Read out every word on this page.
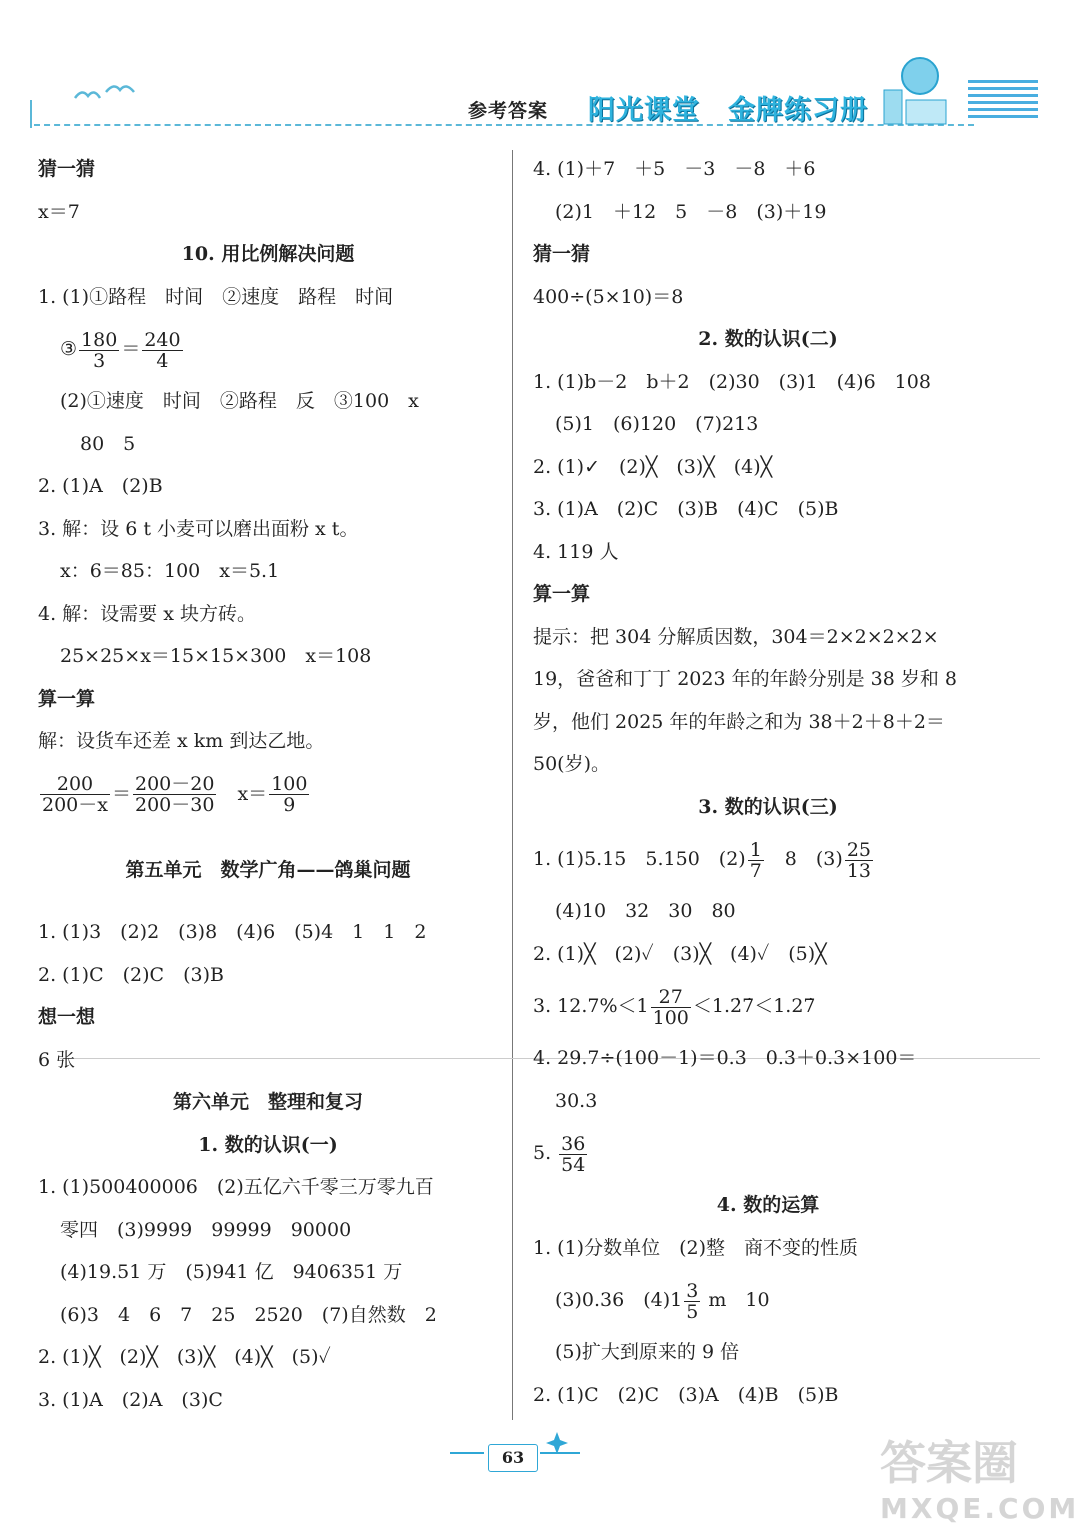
参考答案 阳光课堂　金牌练习册
猜一猜
x＝7
10. 用比例解决问题
1. (1)①路程　时间　②速度　路程　时间
③ $\frac{180}{3} = \frac{240}{4}$
(2)①速度　时间　②路程　反　③100　x
80　5
2. (1)A　(2)B
3. 解：设 6 t 小麦可以磨出面粉 x t。
x：6＝85：100　x＝5.1
4. 解：设需要 x 块方砖。
25×25×x＝15×15×300　x＝108
算一算
解：设货车还差 x km 到达乙地。
$\frac{200}{200-x} = \frac{200-20}{200-30}$
　 $x= \frac{100}{9}$
第五单元　数学广角——鸽巢问题
1. (1)3　(2)2　(3)8　(4)6　(5)4　1　1　2
2. (1)C　(2)C　(3)B
想一想
6 张
第六单元　整理和复习
1. 数的认识(一)
1. (1)500400006　(2)五亿六千零三万零九百
零四　(3)9999　99999　90000
(4)19.51 万　(5)941 亿　9406351 万
(6)3　4　6　7　25　2520　(7)自然数　2
2. (1)╳　(2)╳　(3)╳　(4)╳　(5)✓
3. (1)A　(2)A　(3)C
4. (1)＋7　＋5　－3　－8　＋6
(2)1　＋12　5　－8　(3)＋19
猜一猜
400÷(5×10)＝8
2. 数的认识(二)
1. (1)b－2　b＋2　(2)30　(3)1　(4)6　108
(5)1　(6)120　(7)213
2. (1)✓　(2)╳　(3)╳　(4)╳
3. (1)A　(2)C　(3)B　(4)C　(5)B
4. 119 人
算一算
提示：把 304 分解质因数，304＝2×2×2×2×
19，爸爸和丁丁 2023 年的年龄分别是 38 岁和 8
岁，他们 2025 年的年龄之和为 38＋2＋8＋2＝
50(岁)。
3. 数的认识(三)
1. (1)5.15　5.150　$(2) \frac{1}{7}$ 　8　$(3) \frac{25}{13}$
(4)10　32　30　80
2. (1)╳　(2)✓　(3)╳　(4)✓　(5)╳
3. $12.7\%<1 \frac{27}{100}$ ＜1.2̇7̇＜1.27̇
4. 29.7÷(100－1)＝0.3　0.3＋0.3×100＝
30.3
5. $\frac{36}{54}$
4. 数的运算
1. (1)分数单位　(2)整　商不变的性质
(3)0.36　$(4)1 \frac{3}{5}$ m　10
(5)扩大到原来的 9 倍
2. (1)C　(2)C　(3)A　(4)B　(5)B
63	答案圈
MXQE.COM
